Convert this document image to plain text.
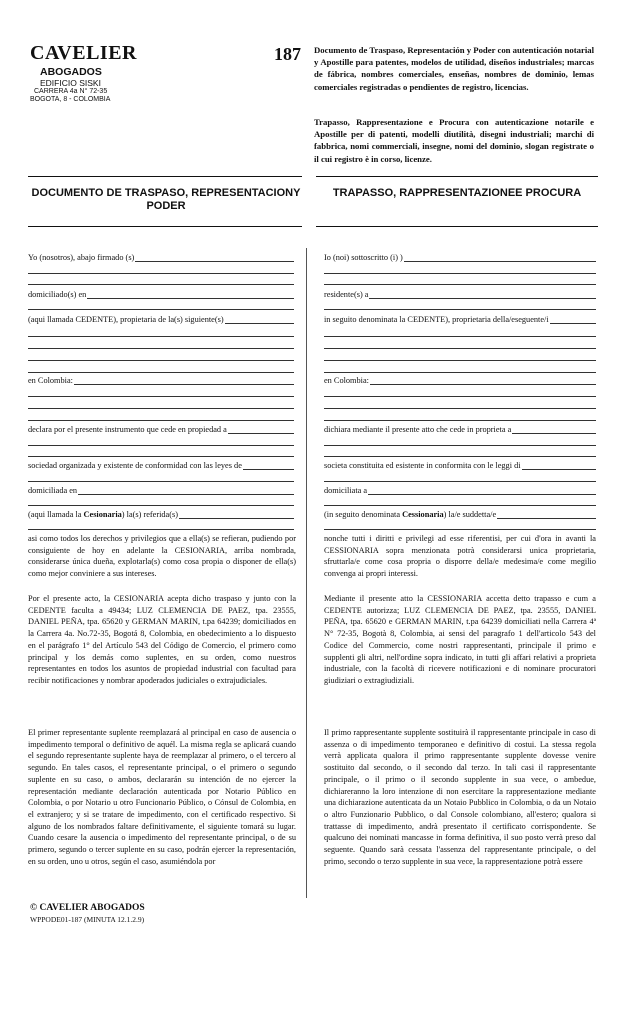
CAVELIER
ABOGADOS
EDIFICIO SISKI
CARRERA 4a N° 72-35
BOGOTA, 8 - COLOMBIA
187 Documento de Traspaso, Representación y Poder con autenticación notarial y Apostille para patentes, modelos de utilidad, diseños industriales; marcas de fábrica, nombres comerciales, enseñas, nombres de dominio, lemas comerciales registradas o pendientes de registro, licencias.
Trapasso, Rappresentazione e Procura con autenticazione notarile e Apostille per di patenti, modelli diutilità, disegni industriali; marchi di fabbrica, nomi commerciali, insegne, nomi del dominio, slogan registrate o il cui registro è in corso, licenze.
DOCUMENTO DE TRASPASO, REPRESENTACIONY PODER
TRAPASSO, RAPPRESENTAZIONEE PROCURA
Yo (nosotros), abajo firmado (s)
domiciliado(s) en
(aqui llamada CEDENTE), propietaria de la(s) siguiente(s)
en Colombia:
declara por el presente instrumento que cede en propiedad a
sociedad organizada y existente de conformidad con las leyes de
domiciliada en
(aqui llamada la Cesionaria) la(s) referida(s)
Io (noi) sottoscritto (i) )
residente(s) a
in seguito denominata la CEDENTE), proprietaria della/eseguente/i
en Colombia:
dichiara mediante il presente atto che cede in proprieta a
societa constituita ed esistente in conformita con le leggi di
domiciliata a
(in seguito denominata Cessionaria) la/e suddetta/e
asi como todos los derechos y privilegios que a ella(s) se refieran, pudiendo por consiguiente de hoy en adelante la CESIONARIA, arriba nombrada, considerarse única dueña, explotarla(s) como cosa propia o disponer de ella(s) como mejor conviniere a sus intereses.
nonche tutti i diritti e privilegi ad esse riferentisi, per cui d'ora in avanti la CESSIONARIA sopra menzionata potrà considerarsi unica proprietaria, sfruttarla/e come cosa propria o disporre della/e medesima/e come megilio convenga ai propri interessi.
Por el presente acto, la CESIONARIA acepta dicho traspaso y junto con la CEDENTE faculta a 49434; LUZ CLEMENCIA DE PAEZ, tpa. 23555, DANIEL PEÑA, tpa. 65620 y GERMAN MARIN, t.pa 64239; domiciliados en la Carrera 4a. No.72-35, Bogotá 8, Colombia, en obedecimiento a lo dispuesto en el parágrafo 1° del Artículo 543 del Código de Comercio, el primero como principal y los demás como suplentes, en su orden, como nuestros representantes en todos los asuntos de propiedad industrial con facultad para recibir notificaciones y nombrar apoderados judiciales o extrajudiciales.
Mediante il presente atto la CESSIONARIA accetta detto trapasso e cum a CEDENTE autorizza; LUZ CLEMENCIA DE PAEZ, tpa. 23555, DANIEL PEÑA, tpa. 65620 e GERMAN MARIN, t.pa 64239 domiciliati nella Carrera 4ª N° 72-35, Bogotà 8, Colombia, ai sensi del paragrafo 1 dell'articolo 543 del Codice del Commercio, come nostri rappresentanti, principale il primo e supplenti gli altri, nell'ordine sopra indicato, in tutti gli affari relativi a proprieta industriale, con la facoltà di ricevere notificazioni e di nominare procuratori giudiziari o extragiudiziali.
El primer representante suplente reemplazará al principal en caso de ausencia o impedimento temporal o definitivo de aquél. La misma regla se aplicará cuando el segundo representante suplente haya de reemplazar al primero, o el tercero al segundo. En tales casos, el representante principal, o el primero o segundo suplente en su caso, o ambos, declararán su intención de no ejercer la representación mediante declaración autenticada por Notario Público en Colombia, o por Notario u otro Funcionario Público, o Cónsul de Colombia, en el extranjero; y si se tratare de impedimento, con el certificado respectivo. Si alguno de los nombrados faltare definitivamente, el siguiente tomará su lugar. Cuando cesare la ausencia o impedimento del representante principal, o de su primero, segundo o tercer suplente en su caso, podrán ejercer la representación, en su orden, uno u otros, según el caso, asumiéndola por
Il primo rappresentante supplente sostituirà il rappresentante principale in caso di assenza o di impedimento temporaneo e definitivo di costui. La stessa regola verrà applicata qualora il primo rappresentante supplente dovesse venire sostituito dal secondo, o il secondo dal terzo. In tali casi il rappresentante principale, o il primo o il secondo supplente in sua vece, o ambedue, dichiareranno la loro intenzione di non esercitare la rappresentazione mediante una dichiarazione autenticata da un Notaio Pubblico in Colombia, o da un Notaio o altro Funzionario Pubblico, o dal Console colombiano, all'estero; qualora si trattasse di impedimento, andrà presentato il certificato corrispondente. Se qualcuno dei nominati mancasse in forma definitiva, il suo posto verrà preso dal seguente. Quando sarà cessata l'assenza del rappresentante principale, o del primo, secondo o terzo supplente in sua vece, la rappresentazione potrà essere
© CAVELIER ABOGADOS
WPPODE01-187 (MINUTA 12.1.2.9)
